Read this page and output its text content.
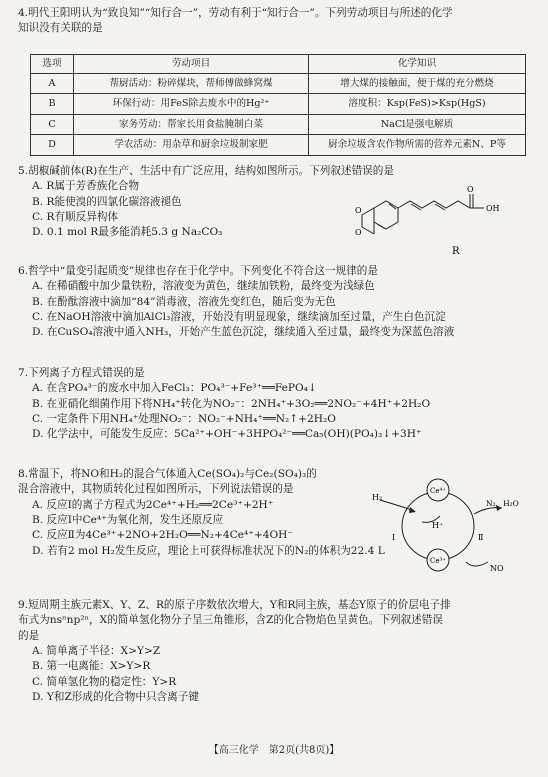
4.明代王阳明认为“致良知”“知行合一”，劳动有利于“知行合一”。下列劳动项目与所述的化学
知识没有关联的是
选项	劳动项目	化学知识
A	帮厨活动：粉碎煤块，帮师傅做蜂窝煤	增大煤的接触面，便于煤的充分燃烧
B	环保行动：用FeS除去废水中的Hg²⁺	溶度积：Ksp(FeS)>Ksp(HgS)
C	家务劳动：帮家长用食盐腌制白菜	NaCl是强电解质
D	学农活动：用杂草和厨余垃圾制家肥	厨余垃圾含农作物所需的营养元素N、P等
5.胡椒碱前体(R)在生产、生活中有广泛应用，结构如图所示。下列叙述错误的是
A. R属于芳香族化合物
B. R能使溴的四氯化碳溶液褪色
C. R有顺反异构体
D. 0.1 mol R最多能消耗5.3 g Na₂CO₃
O
O
O
OH
R
6.哲学中“量变引起质变”规律也存在于化学中。下列变化不符合这一规律的是
A. 在稀硝酸中加少量铁粉，溶液变为黄色，继续加铁粉，最终变为浅绿色
B. 在酚酞溶液中滴加“84”消毒液，溶液先变红色，随后变为无色
C. 在NaOH溶液中滴加AlCl₃溶液，开始没有明显现象，继续滴加至过量，产生白色沉淀
D. 在CuSO₄溶液中通入NH₃，开始产生蓝色沉淀，继续通入至过量，最终变为深蓝色溶液
7.下列离子方程式错误的是
A. 在含PO₄³⁻的废水中加入FeCl₃：PO₄³⁻+Fe³⁺══FePO₄↓
B. 在亚硝化细菌作用下将NH₄⁺转化为NO₂⁻：2NH₄⁺+3O₂══2NO₂⁻+4H⁺+2H₂O
C. 一定条件下用NH₄⁺处理NO₂⁻：NO₂⁻+NH₄⁺══N₂↑+2H₂O
D. 化学法中，可能发生反应：5Ca²⁺+OH⁻+3HPO₄²⁻══Ca₅(OH)(PO₄)₃↓+3H⁺
8.常温下，将NO和H₂的混合气体通入Ce(SO₄)₂与Ce₂(SO₄)₃的
混合溶液中，其物质转化过程如图所示，下列说法错误的是
A. 反应Ⅰ的离子方程式为2Ce⁴⁺+H₂══2Ce³⁺+2H⁺
B. 反应Ⅰ中Ce⁴⁺为氧化剂，发生还原反应
C. 反应Ⅱ为4Ce³⁺+2NO+2H₂O══N₂+4Ce⁴⁺+4OH⁻
D. 若有2 mol H₂发生反应，理论上可获得标准状况下的N₂的体积为22.4 L
H₂
Ce⁴⁺
Ce³⁺
H⁺
N₂、H₂O
NO
Ⅰ	Ⅱ
9.短周期主族元素X、Y、Z、R的原子序数依次增大，Y和R同主族，基态Y原子的价层电子排
布式为nsⁿnp²ⁿ，X的简单氢化物分子呈三角锥形，含Z的化合物焰色呈黄色。下列叙述错误
的是
A. 简单离子半径：X>Y>Z
B. 第一电离能：X>Y>R
C. 简单氢化物的稳定性：Y>R
D. Y和Z形成的化合物中只含离子键
【高三化学　第2页(共8页)】
